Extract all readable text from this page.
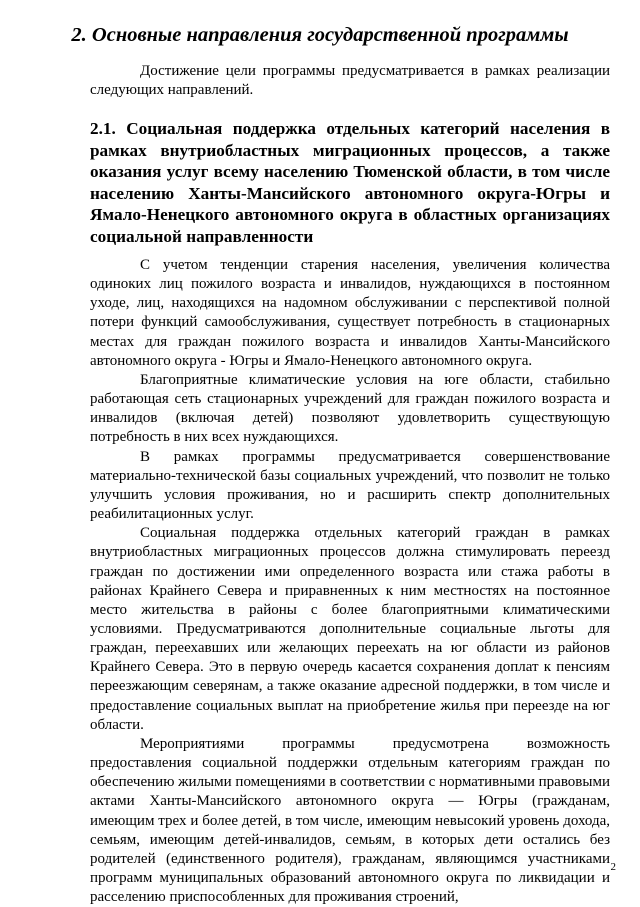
2. Основные направления государственной программы

Достижение цели программы предусматривается в рамках реализации следующих направлений.

2.1. Социальная поддержка отдельных категорий населения в рамках внутриобластных миграционных процессов, а также оказания услуг всему населению Тюменской области, в том числе населению Ханты-Мансийского автономного округа-Югры и Ямало-Ненецкого автономного округа в областных организациях социальной направленности

С учетом тенденции старения населения, увеличения количества одиноких лиц пожилого возраста и инвалидов, нуждающихся в постоянном уходе, лиц, находящихся на надомном обслуживании с перспективой полной потери функций самообслуживания, существует потребность в стационарных местах для граждан пожилого возраста и инвалидов Ханты-Мансийского автономного округа - Югры и Ямало-Ненецкого автономного округа.

Благоприятные климатические условия на юге области, стабильно работающая сеть стационарных учреждений для граждан пожилого возраста и инвалидов (включая детей) позволяют удовлетворить существующую потребность в них всех нуждающихся.

В рамках программы предусматривается совершенствование материально-технической базы социальных учреждений, что позволит не только улучшить условия проживания, но и расширить спектр дополнительных реабилитационных услуг.

Социальная поддержка отдельных категорий граждан в рамках внутриобластных миграционных процессов должна стимулировать переезд граждан по достижении ими определенного возраста или стажа работы в районах Крайнего Севера и приравненных к ним местностях на постоянное место жительства в районы с более благоприятными климатическими условиями. Предусматриваются дополнительные социальные льготы для граждан, переехавших или желающих переехать на юг области из районов Крайнего Севера. Это в первую очередь касается сохранения доплат к пенсиям переезжающим северянам, а также оказание адресной поддержки, в том числе и предоставление социальных выплат на приобретение жилья при переезде на юг области.

Мероприятиями программы предусмотрена возможность предоставления социальной поддержки отдельным категориям граждан по обеспечению жилыми помещениями в соответствии с нормативными правовыми актами Ханты-Мансийского автономного округа — Югры (гражданам, имеющим трех и более детей, в том числе, имеющим невысокий уровень дохода, семьям, имеющим детей-инвалидов, семьям, в которых дети остались без родителей (единственного родителя), гражданам, являющимся участниками программ муниципальных образований автономного округа по ликвидации и расселению приспособленных для проживания строений,

2
